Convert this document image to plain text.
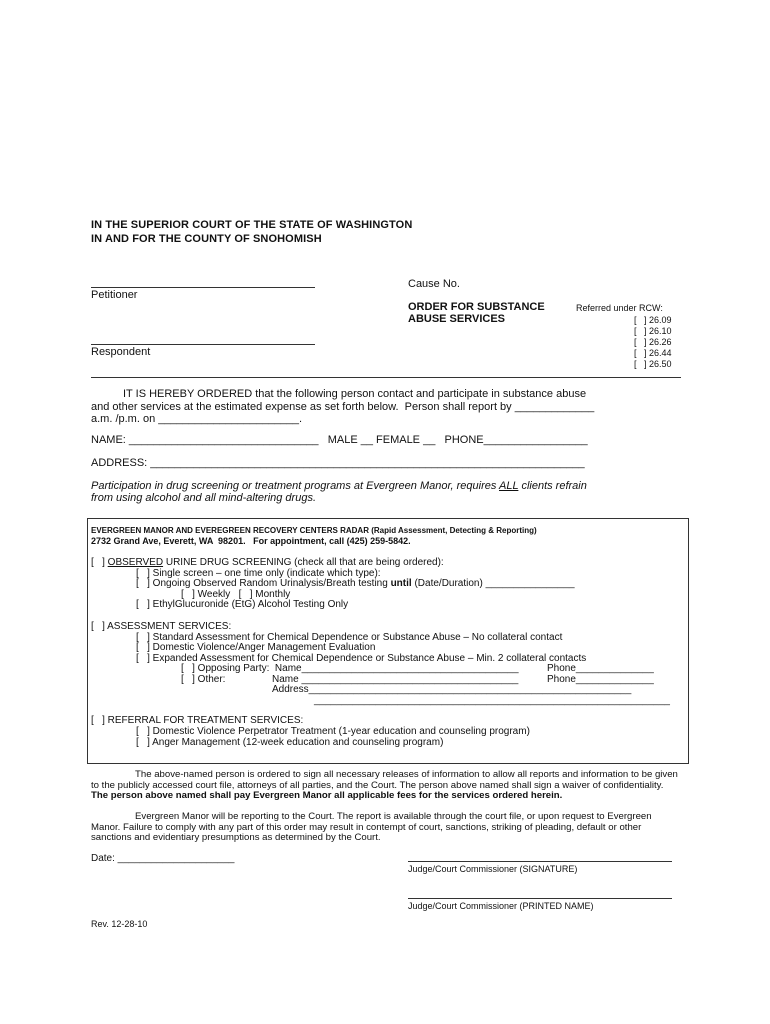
IN THE SUPERIOR COURT OF THE STATE OF WASHINGTON
IN AND FOR THE COUNTY OF SNOHOMISH
Petitioner
Respondent
Cause No.
ORDER FOR SUBSTANCE
ABUSE SERVICES
Referred under RCW:
[   ] 26.09
[   ] 26.10
[   ] 26.26
[   ] 26.44
[   ] 26.50
IT IS HEREBY ORDERED that the following person contact and participate in substance abuse
and other services at the estimated expense as set forth below.  Person shall report by _____________
a.m. /p.m. on _______________________.
NAME: _______________________________   MALE __ FEMALE __   PHONE_________________
ADDRESS: _______________________________________________________________________
Participation in drug screening or treatment programs at Evergreen Manor, requires ALL clients refrain
from using alcohol and all mind-altering drugs.
EVERGREEN MANOR AND EVEREGREEN RECOVERY CENTERS RADAR (Rapid Assessment, Detecting & Reporting)
2732 Grand Ave, Everett, WA  98201.   For appointment, call (425) 259-5842.
[   ] OBSERVED URINE DRUG SCREENING (check all that are being ordered):
[   ] Single screen – one time only (indicate which type):
[   ] Ongoing Observed Random Urinalysis/Breath testing until (Date/Duration) ________________
[   ] Weekly   [   ] Monthly
[   ] EthylGlucuronide (EtG) Alcohol Testing Only
[   ] ASSESSMENT SERVICES:
[   ] Standard Assessment for Chemical Dependence or Substance Abuse – No collateral contact
[   ] Domestic Violence/Anger Management Evaluation
[   ] Expanded Assessment for Chemical Dependence or Substance Abuse – Min. 2 collateral contacts
[   ] Opposing Party:  Name_______________________________________	Phone______________
[   ] Other:	Name _______________________________________	Phone______________
Address__________________________________________________________
________________________________________________________________
[   ] REFERRAL FOR TREATMENT SERVICES:
[   ] Domestic Violence Perpetrator Treatment (1-year education and counseling program)
[   ] Anger Management (12-week education and counseling program)
The above-named person is ordered to sign all necessary releases of information to allow all reports and information to be given to the publicly accessed court file, attorneys of all parties, and the Court. The person above named shall sign a waiver of confidentiality. The person above named shall pay Evergreen Manor all applicable fees for the services ordered herein.
Evergreen Manor will be reporting to the Court. The report is available through the court file, or upon request to Evergreen Manor. Failure to comply with any part of this order may result in contempt of court, sanctions, striking of pleading, default or other sanctions and evidentiary presumptions as determined by the Court.
Date: _____________________
Judge/Court Commissioner (SIGNATURE)
Judge/Court Commissioner (PRINTED NAME)
Rev. 12-28-10
